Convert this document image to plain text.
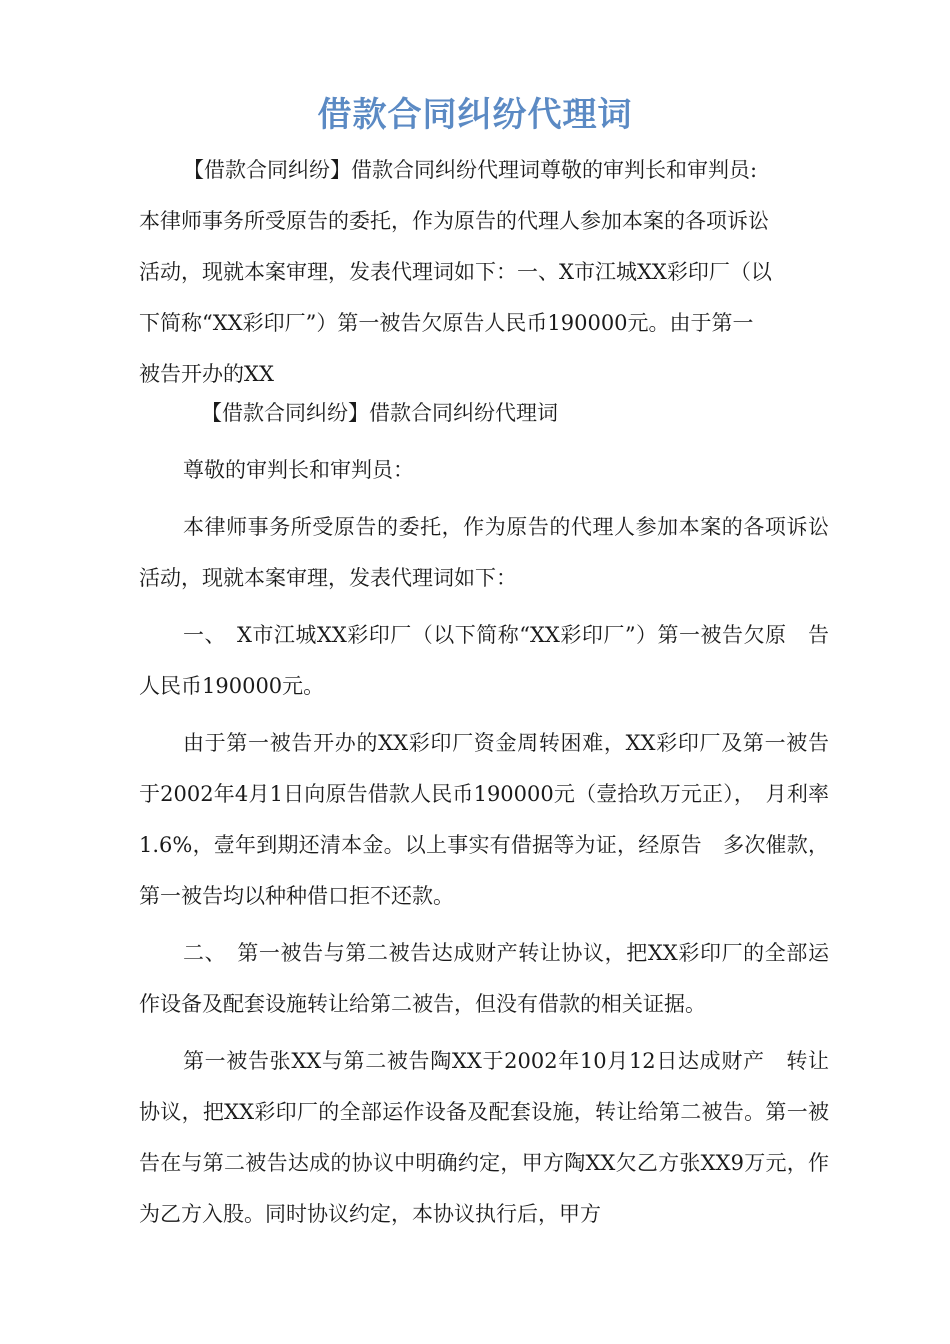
借款合同纠纷代理词

【借款合同纠纷】借款合同纠纷代理词尊敬的审判长和审判员:

本律师事务所受原告的委托，作为原告的代理人参加本案的各项诉讼

活动，现就本案审理，发表代理词如下：一、X市江城XX彩印厂（以

下简称“XX彩印厂”）第一被告欠原告人民币190000元。由于第一

被告开办的XX

【借款合同纠纷】借款合同纠纷代理词

尊敬的审判长和审判员：

本律师事务所受原告的委托，作为原告的代理人参加本案的各项诉讼活动，现就本案审理，发表代理词如下：

一、　X市江城XX彩印厂（以下简称“XX彩印厂”）第一被告欠原　告人民币190000元。

由于第一被告开办的XX彩印厂资金周转困难，XX彩印厂及第一被告于2002年4月1日向原告借款人民币190000元（壹拾玖万元正），　月利率1.6%，壹年到期还清本金。以上事实有借据等为证，经原告　多次催款，第一被告均以种种借口拒不还款。

二、　第一被告与第二被告达成财产转让协议，把XX彩印厂的全部运作设备及配套设施转让给第二被告，但没有借款的相关证据。

第一被告张XX与第二被告陶XX于2002年10月12日达成财产　转让协议，把XX彩印厂的全部运作设备及配套设施，转让给第二被告。第一被告在与第二被告达成的协议中明确约定，甲方陶XX欠乙方张XX9万元，作为乙方入股。同时协议约定，本协议执行后，甲方
